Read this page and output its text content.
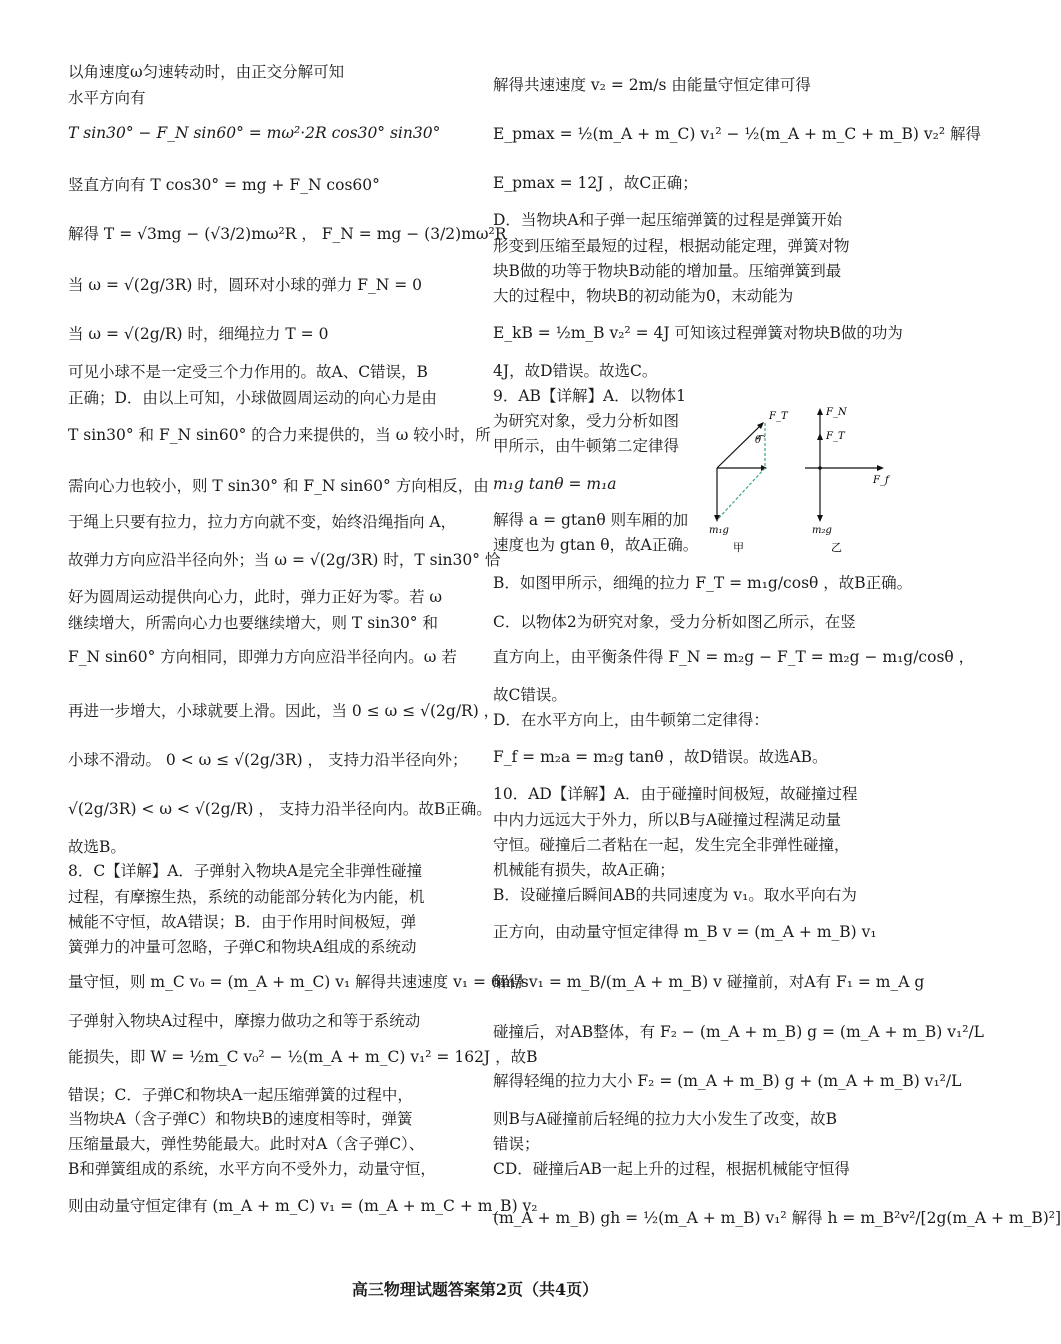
以角速度ω匀速转动时，由正交分解可知
水平方向有
T sin30° − F_N sin60° = mω²·2R cos30° sin30°
竖直方向有 T cos30° = mg + F_N cos60°
解得 T = √3mg − (√3/2)mω²R ， F_N = mg − (3/2)mω²R
当 ω = √(2g/3R) 时，圆环对小球的弹力 F_N = 0
当 ω = √(2g/R) 时，细绳拉力 T = 0
可见小球不是一定受三个力作用的。故A、C错误，B
正确；D．由以上可知，小球做圆周运动的向心力是由
T sin30° 和 F_N sin60° 的合力来提供的，当 ω 较小时，所
需向心力也较小，则 T sin30° 和 F_N sin60° 方向相反，由
于绳上只要有拉力，拉力方向就不变，始终沿绳指向 A，
故弹力方向应沿半径向外；当 ω = √(2g/3R) 时，T sin30° 恰
好为圆周运动提供向心力，此时，弹力正好为零。若 ω
继续增大，所需向心力也要继续增大，则 T sin30° 和
F_N sin60° 方向相同，即弹力方向应沿半径向内。ω 若
再进一步增大，小球就要上滑。因此，当 0 ≤ ω ≤ √(2g/R) ，
小球不滑动。 0 < ω ≤ √(2g/3R) ， 支持力沿半径向外；
√(2g/3R) < ω < √(2g/R) ， 支持力沿半径向内。故B正确。
故选B。
8．C【详解】A．子弹射入物块A是完全非弹性碰撞
过程，有摩擦生热，系统的动能部分转化为内能，机
械能不守恒，故A错误；B．由于作用时间极短，弹
簧弹力的冲量可忽略，子弹C和物块A组成的系统动
量守恒，则 m_C v₀ = (m_A + m_C) v₁ 解得共速速度 v₁ = 6m/s
子弹射入物块A过程中，摩擦力做功之和等于系统动
能损失，即 W = ½m_C v₀² − ½(m_A + m_C) v₁² = 162J ，故B
错误；C．子弹C和物块A一起压缩弹簧的过程中，
当物块A（含子弹C）和物块B的速度相等时，弹簧
压缩量最大，弹性势能最大。此时对A（含子弹C）、
B和弹簧组成的系统，水平方向不受外力，动量守恒，
则由动量守恒定律有 (m_A + m_C) v₁ = (m_A + m_C + m_B) v₂
解得共速速度 v₂ = 2m/s 由能量守恒定律可得
E_pmax = ½(m_A + m_C) v₁² − ½(m_A + m_C + m_B) v₂² 解得
E_pmax = 12J ，故C正确；
D．当物块A和子弹一起压缩弹簧的过程是弹簧开始
形变到压缩至最短的过程，根据动能定理，弹簧对物
块B做的功等于物块B动能的增加量。压缩弹簧到最
大的过程中，物块B的初动能为0，末动能为
E_kB = ½m_B v₂² = 4J 可知该过程弹簧对物块B做的功为
4J，故D错误。故选C。
9．AB【详解】A．以物体1
为研究对象，受力分析如图
甲所示，由牛顿第二定律得
m₁g tanθ = m₁a
解得 a = gtanθ 则车厢的加
速度也为 gtan θ，故A正确。
B．如图甲所示，细绳的拉力 F_T = m₁g/cosθ ，故B正确。
C．以物体2为研究对象，受力分析如图乙所示，在竖
直方向上，由平衡条件得 F_N = m₂g − F_T = m₂g − m₁g/cosθ ，
故C错误。
D．在水平方向上，由牛顿第二定律得：
F_f = m₂a = m₂g tanθ ，故D错误。故选AB。
10．AD【详解】A．由于碰撞时间极短，故碰撞过程
中内力远远大于外力，所以B与A碰撞过程满足动量
守恒。碰撞后二者粘在一起，发生完全非弹性碰撞，
机械能有损失，故A正确；
B．设碰撞后瞬间AB的共同速度为 v₁。取水平向右为
正方向，由动量守恒定律得 m_B v = (m_A + m_B) v₁
解得 v₁ = m_B/(m_A + m_B) v 碰撞前，对A有 F₁ = m_A g
碰撞后，对AB整体，有 F₂ − (m_A + m_B) g = (m_A + m_B) v₁²/L
解得轻绳的拉力大小 F₂ = (m_A + m_B) g + (m_A + m_B) v₁²/L
则B与A碰撞前后轻绳的拉力大小发生了改变，故B
错误；
CD．碰撞后AB一起上升的过程，根据机械能守恒得
(m_A + m_B) gh = ½(m_A + m_B) v₁² 解得 h = m_B²v²/[2g(m_A + m_B)²]
F_T
θ
m₁g
甲
F_N
F_T
F_f
m₂g
乙
高三物理试题答案第2页（共4页）
